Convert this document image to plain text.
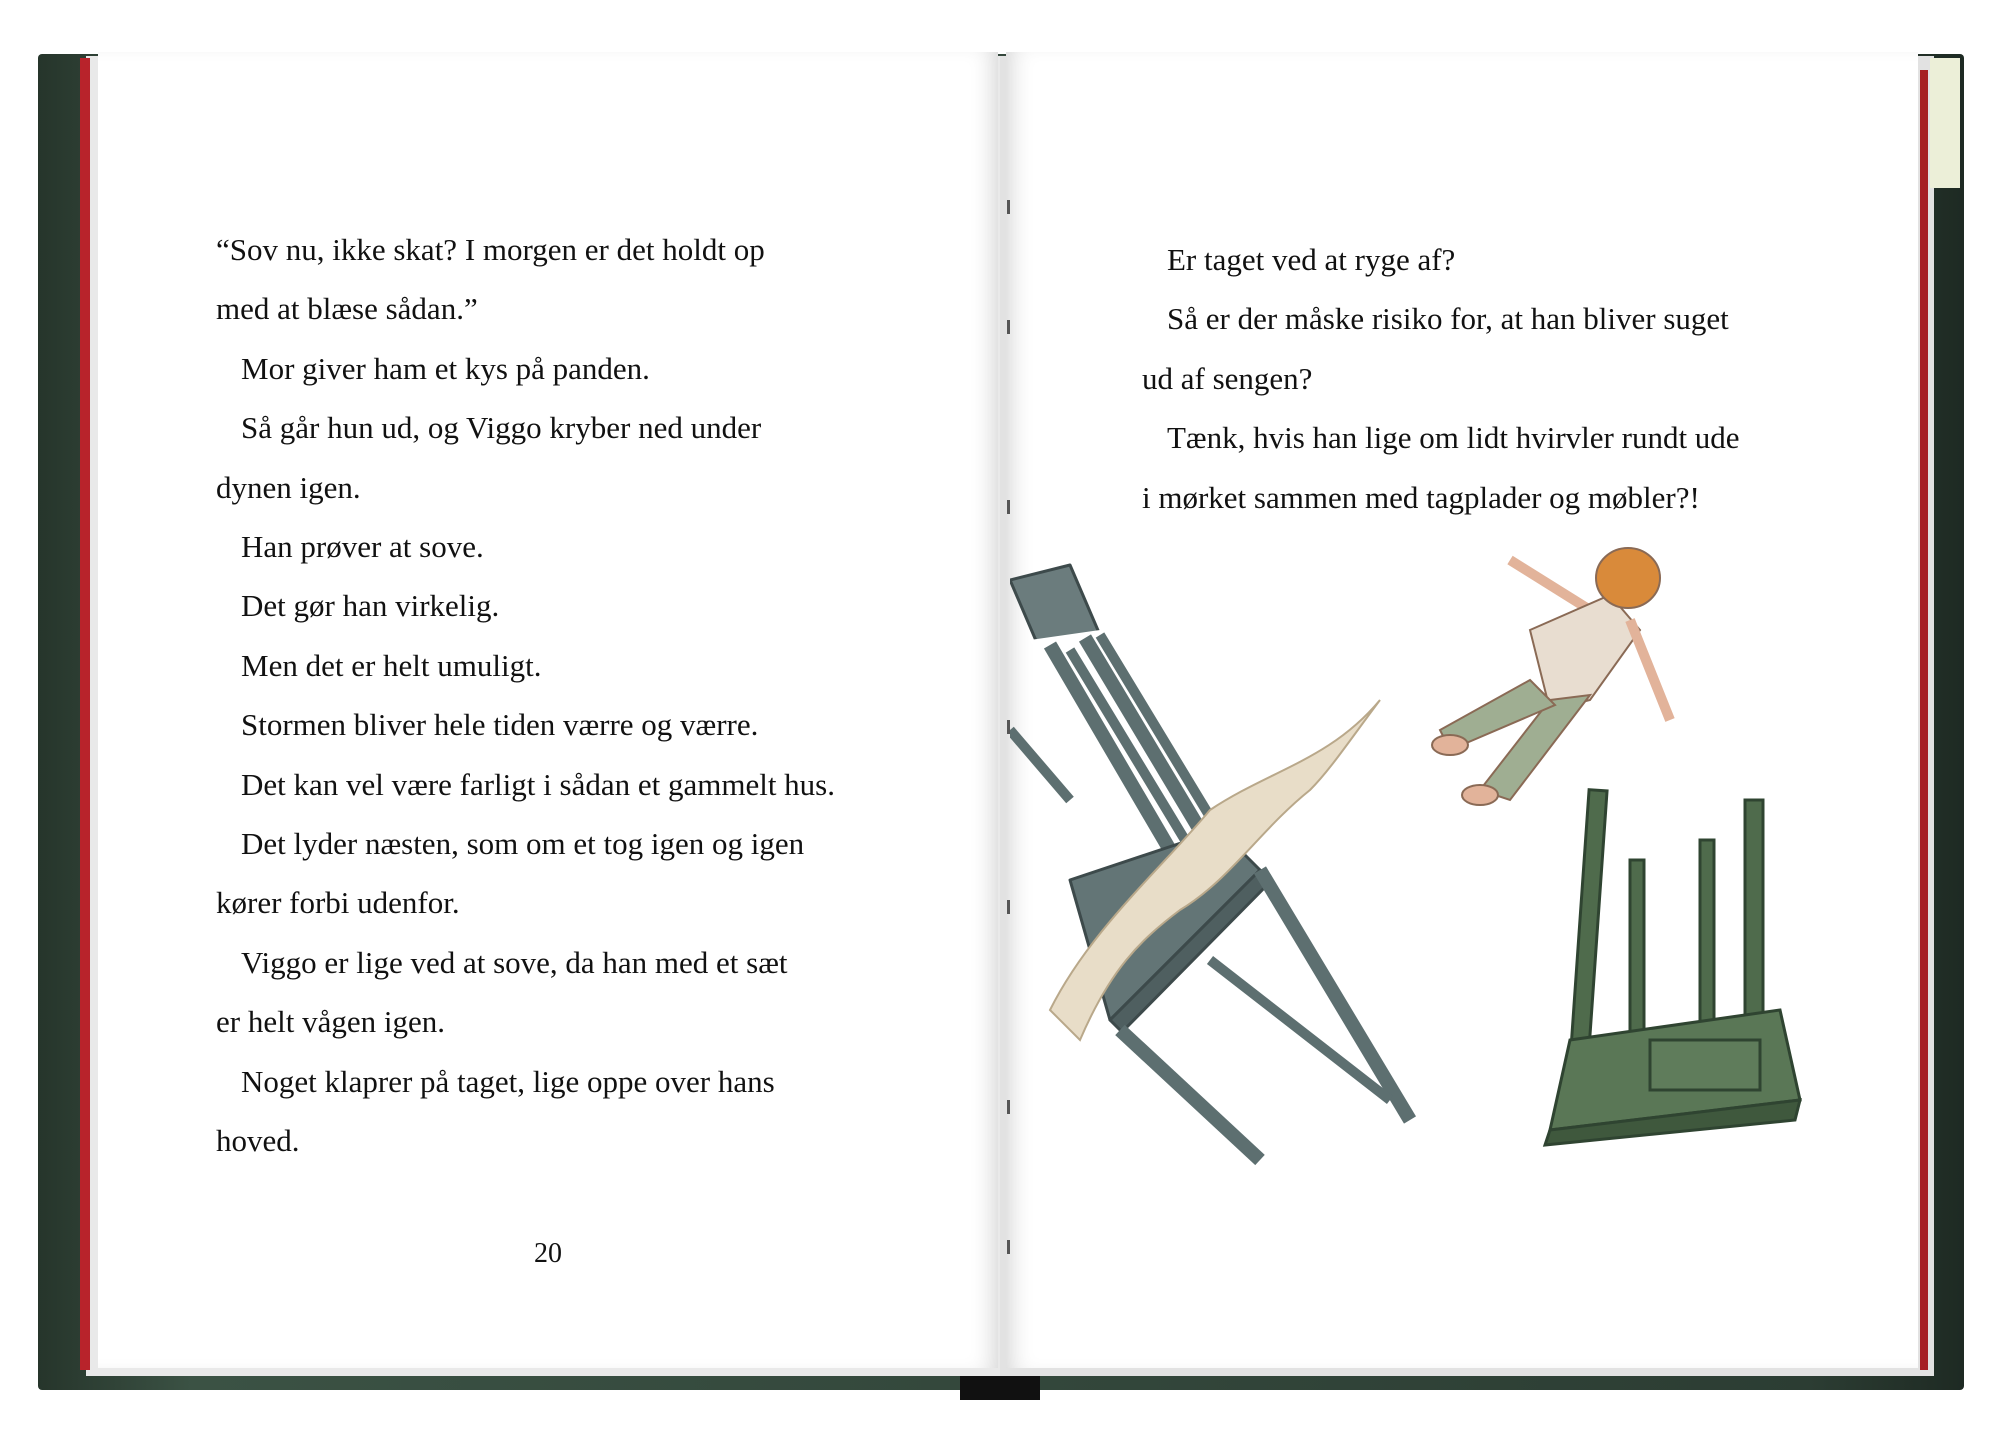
“Sov nu, ikke skat? I morgen er det holdt op

med at blæse sådan.”

Mor giver ham et kys på panden.

Så går hun ud, og Viggo kryber ned under

dynen igen.

Han prøver at sove.

Det gør han virkelig.

Men det er helt umuligt.

Stormen bliver hele tiden værre og værre.

Det kan vel være farligt i sådan et gammelt hus.

Det lyder næsten, som om et tog igen og igen

kører forbi udenfor.

Viggo er lige ved at sove, da han med et sæt

er helt vågen igen.

Noget klaprer på taget, lige oppe over hans

hoved.

20

Er taget ved at ryge af?

Så er der måske risiko for, at han bliver suget

ud af sengen?

Tænk, hvis han lige om lidt hvirvler rundt ude

i mørket sammen med tagplader og møbler?!
